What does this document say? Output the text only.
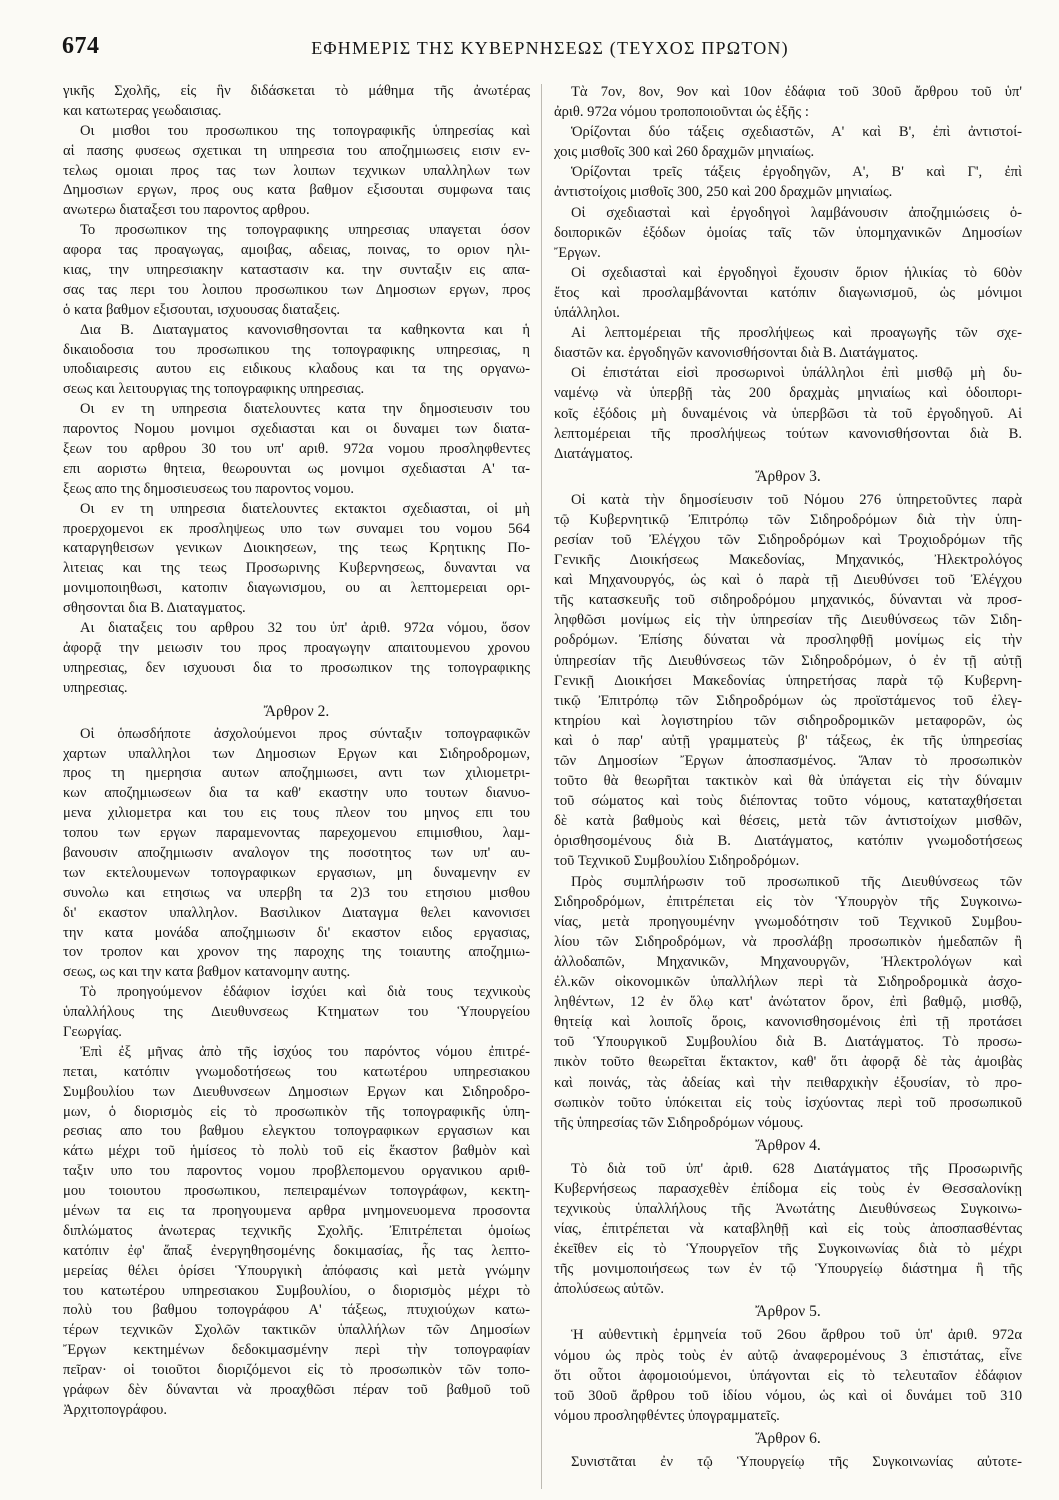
674	ΕΦΗΜΕΡΙΣ ΤΗΣ ΚΥΒΕΡΝΗΣΕΩΣ (ΤΕΥΧΟΣ ΠΡΩΤΟΝ)
γικῆς Σχολῆς, εἰς ἣν διδάσκεται τὸ μάθημα τῆς ἀνωτέρας
και κατωτερας γεωδαισιας.
Οι μισθοι του προσωπικου της τοπογραφικῆς ὑπηρεσίας καὶ
αἱ πασης φυσεως σχετικαι τη υπηρεσια του αποζημιωσεις εισιν εν-
τελως ομοιαι προς τας των λοιπων τεχνικων υπαλληλων των
Δημοσιων εργων, προς ους κατα βαθμον εξισουται συμφωνα ταις
ανωτερω διαταξεσι του παροντος αρθρου.
Το προσωπικον της τοπογραφικης υπηρεσιας υπαγεται όσον
αφορα τας προαγωγας, αμοιβας, αδειας, ποινας, το οριον ηλι-
κιας, την υπηρεσιακην καταστασιν κα. την συνταξιν εις απα-
σας τας περι του λοιπου προσωπικου των Δημοσιων εργων, προς
ὁ κατα βαθμον εξισουται, ισχυουσας διαταξεις.
Δια Β. Διαταγματος κανονισθησονται τα καθηκοντα και ἡ
δικαιοδοσια του προσωπικου της τοπογραφικης υπηρεσιας, η
υποδιαιρεσις αυτου εις ειδικους κλαδους και τα της οργανω-
σεως και λειτουργιας της τοπογραφικης υπηρεσιας.
Οι εν τη υπηρεσια διατελουντες κατα την δημοσιευσιν του
παροντος Νομου μονιμοι σχεδιασται και οι δυναμει των διατα-
ξεων του αρθρου 30 του υπ' αριθ. 972α νομου προσληφθεντες
επι αοριστω θητεια, θεωρουνται ως μονιμοι σχεδιασται Α' τα-
ξεως απο της δημοσιευσεως του παροντος νομου.
Οι εν τη υπηρεσια διατελουντες εκτακτοι σχεδιασται, οἱ μὴ
προερχομενοι εκ προσληψεως υπο των συναμει του νομου 564
καταργηθεισων γενικων Διοικησεων, της τεως Κρητικης Πο-
λιτειας και της τεως Προσωρινης Κυβερνησεως, δυνανται να
μονιμοποιηθωσι, κατοπιν διαγωνισμου, ου αι λεπτομερειαι ορι-
σθησονται δια Β. Διαταγματος.
Αι διαταξεις του αρθρου 32 του ὑπ' ἀριθ. 972α νόμου, ὅσον
ἀφορᾷ την μειωσιν του προς προαγωγην απαιτουμενου χρονου
υπηρεσιας, δεν ισχυουσι δια το προσωπικον της τοπογραφικης
υπηρεσιας.
Ἄρθρον 2.
Οἱ ὁπωσδήποτε ἀσχολούμενοι προς σύνταξιν τοπογραφικῶν
χαρτων υπαλληλοι των Δημοσιων Εργων και Σιδηροδρομων,
προς τη ημερησια αυτων αποζημιωσει, αντι των χιλιομετρι-
κων αποζημιωσεων δια τα καθ' εκαστην υπο τουτων διανυο-
μενα χιλιομετρα και του εις τους πλεον του μηνος επι του
τοπου των εργων παραμενοντας παρεχομενου επιμισθιου, λαμ-
βανουσιν αποζημιωσιν αναλογον της ποσοτητος των υπ' αυ-
των εκτελουμενων τοπογραφικων εργασιων, μη δυναμενην εν
συνολω και ετησιως να υπερβη τα 2)3 του ετησιου μισθου
δι' εκαστον υπαλληλον. Βασιλικον Διαταγμα θελει κανονισει
την κατα μονάδα αποζημιωσιν δι' εκαστον ειδος εργασιας,
τον τροπον και χρονον της παροχης της τοιαυτης αποζημιω-
σεως, ως και την κατα βαθμον κατανομην αυτης.
Τὸ προηγούμενον ἐδάφιον ἰσχύει καὶ διὰ τους τεχνικοὺς
ὑπαλλήλους της Διευθυνσεως Κτηματων του Ὑπουργείου
Γεωργίας.
Ἐπὶ ἐξ μῆνας ἀπὸ τῆς ἰσχύος του παρόντος νόμου ἐπιτρέ-
πεται, κατόπιν γνωμοδοτήσεως του κατωτέρου υπηρεσιακου
Συμβουλίου των Διευθυνσεων Δημοσιων Εργων και Σιδηροδρο-
μων, ὁ διορισμὸς εἰς τὸ προσωπικὸν τῆς τοπογραφικῆς ὑπη-
ρεσιας απο του βαθμου ελεγκτου τοπογραφικων εργασιων και
κάτω μέχρι τοῦ ἡμίσεος τὸ πολὺ τοῦ εἰς ἕκαστον βαθμὸν καὶ
ταξιν υπο του παροντος νομου προβλεπομενου οργανικου αριθ-
μου τοιουτου προσωπικου, πεπειραμένων τοπογράφων, κεκτη-
μένων τα εις τα προηγουμενα αρθρα μνημονευομενα προσοντα
διπλώματος ἀνωτερας τεχνικῆς Σχολῆς. Ἐπιτρέπεται ὁμοίως
κατόπιν ἐφ' ἅπαξ ἐνεργηθησομένης δοκιμασίας, ἧς τας λεπτο-
μερείας θέλει ὁρίσει Ὑπουργικὴ ἀπόφασις καὶ μετὰ γνώμην
του κατωτέρου υπηρεσιακου Συμβουλίου, ο διορισμὸς μέχρι τὸ
πολὺ του βαθμου τοπογράφου Α' τάξεως, πτυχιούχων κατω-
τέρων τεχνικῶν Σχολῶν τακτικῶν ὑπαλλήλων τῶν Δημοσίων
Ἔργων κεκτημένων δεδοκιμασμένην περὶ τὴν τοπογραφίαν
πεῖραν· οἱ τοιοῦτοι διοριζόμενοι εἰς τὸ προσωπικὸν τῶν τοπο-
γράφων δὲν δύνανται νὰ προαχθῶσι πέραν τοῦ βαθμοῦ τοῦ
Ἀρχιτοπογράφου.
Τὰ 7ον, 8ον, 9ον καὶ 10ον ἐδάφια τοῦ 30οῦ ἄρθρου τοῦ ὑπ'
ἀριθ. 972α νόμου τροποποιοῦνται ὡς ἑξῆς :
Ὁρίζονται δύο τάξεις σχεδιαστῶν, Α' καὶ Β', ἐπὶ ἀντιστοί-
χοις μισθοῖς 300 καὶ 260 δραχμῶν μηνιαίως.
Ὁρίζονται τρεῖς τάξεις ἐργοδηγῶν, Α', Β' καὶ Γ', ἐπὶ
ἀντιστοίχοις μισθοῖς 300, 250 καὶ 200 δραχμῶν μηνιαίως.
Οἱ σχεδιασταὶ καὶ ἐργοδηγοὶ λαμβάνουσιν ἀποζημιώσεις ὁ-
δοιπορικῶν ἐξόδων ὁμοίας ταῖς τῶν ὑπομηχανικῶν Δημοσίων
Ἔργων.
Οἱ σχεδιασταὶ καὶ ἐργοδηγοὶ ἔχουσιν ὅριον ἡλικίας τὸ 60ὸν
ἔτος καὶ προσλαμβάνονται κατόπιν διαγωνισμοῦ, ὡς μόνιμοι
ὑπάλληλοι.
Αἱ λεπτομέρειαι τῆς προσλήψεως καὶ προαγωγῆς τῶν σχε-
διαστῶν κα. ἐργοδηγῶν κανονισθήσονται διὰ Β. Διατάγματος.
Οἱ ἐπιστάται εἰσὶ προσωρινοὶ ὑπάλληλοι ἐπὶ μισθῷ μὴ δυ-
ναμένῳ νὰ ὑπερβῇ τὰς 200 δραχμὰς μηνιαίως καὶ ὁδοιπορι-
κοῖς ἐξόδοις μὴ δυναμένοις νὰ ὑπερβῶσι τὰ τοῦ ἐργοδηγοῦ. Αἱ
λεπτομέρειαι τῆς προσλήψεως τούτων κανονισθήσονται διὰ Β.
Διατάγματος.
Ἄρθρον 3.
Οἱ κατὰ τὴν δημοσίευσιν τοῦ Νόμου 276 ὑπηρετοῦντες παρὰ
τῷ Κυβερνητικῷ Ἐπιτρόπῳ τῶν Σιδηροδρόμων διὰ τὴν ὑπη-
ρεσίαν τοῦ Ἐλέγχου τῶν Σιδηροδρόμων καὶ Τροχιοδρόμων τῆς
Γενικῆς Διοικήσεως Μακεδονίας, Μηχανικός, Ἠλεκτρολόγος
καὶ Μηχανουργός, ὡς καὶ ὁ παρὰ τῇ Διευθύνσει τοῦ Ἐλέγχου
τῆς κατασκευῆς τοῦ σιδηροδρόμου μηχανικός, δύνανται νὰ προσ-
ληφθῶσι μονίμως εἰς τὴν ὑπηρεσίαν τῆς Διευθύνσεως τῶν Σιδη-
ροδρόμων. Ἐπίσης δύναται νὰ προσληφθῇ μονίμως εἰς τὴν
ὑπηρεσίαν τῆς Διευθύνσεως τῶν Σιδηροδρόμων, ὁ ἐν τῇ αὐτῇ
Γενικῇ Διοικήσει Μακεδονίας ὑπηρετήσας παρὰ τῷ Κυβερνη-
τικῷ Ἐπιτρόπῳ τῶν Σιδηροδρόμων ὡς προϊστάμενος τοῦ ἐλεγ-
κτηρίου καὶ λογιστηρίου τῶν σιδηροδρομικῶν μεταφορῶν, ὡς
καὶ ὁ παρ' αὐτῇ γραμματεὺς β' τάξεως, ἐκ τῆς ὑπηρεσίας
τῶν Δημοσίων Ἔργων ἀποσπασμένος. Ἅπαν τὸ προσωπικὸν
τοῦτο θὰ θεωρῆται τακτικὸν καὶ θὰ ὑπάγεται εἰς τὴν δύναμιν
τοῦ σώματος καὶ τοὺς διέποντας τοῦτο νόμους, καταταχθήσεται
δὲ κατὰ βαθμοὺς καὶ θέσεις, μετὰ τῶν ἀντιστοίχων μισθῶν,
ὁρισθησομένους διὰ Β. Διατάγματος, κατόπιν γνωμοδοτήσεως
τοῦ Τεχνικοῦ Συμβουλίου Σιδηροδρόμων.
Πρὸς συμπλήρωσιν τοῦ προσωπικοῦ τῆς Διευθύνσεως τῶν
Σιδηροδρόμων, ἐπιτρέπεται εἰς τὸν Ὑπουργὸν τῆς Συγκοινω-
νίας, μετὰ προηγουμένην γνωμοδότησιν τοῦ Τεχνικοῦ Συμβου-
λίου τῶν Σιδηροδρόμων, νὰ προσλάβῃ προσωπικὸν ἡμεδαπῶν ἢ
ἀλλοδαπῶν, Μηχανικῶν, Μηχανουργῶν, Ἠλεκτρολόγων καὶ
ἐλ.κῶν οἰκονομικῶν ὑπαλλήλων περὶ τὰ Σιδηροδρομικὰ ἀσχο-
ληθέντων, 12 ἐν ὅλῳ κατ' ἀνώτατον ὅρον, ἐπὶ βαθμῷ, μισθῷ,
θητείᾳ καὶ λοιποῖς ὅροις, κανονισθησομένοις ἐπὶ τῇ προτάσει
τοῦ Ὑπουργικοῦ Συμβουλίου διὰ Β. Διατάγματος. Τὸ προσω-
πικὸν τοῦτο θεωρεῖται ἔκτακτον, καθ' ὅτι ἀφορᾷ δὲ τὰς ἀμοιβὰς
καὶ ποινάς, τὰς ἀδείας καὶ τὴν πειθαρχικὴν ἐξουσίαν, τὸ προ-
σωπικὸν τοῦτο ὑπόκειται εἰς τοὺς ἰσχύοντας περὶ τοῦ προσωπικοῦ
τῆς ὑπηρεσίας τῶν Σιδηροδρόμων νόμους.
Ἄρθρον 4.
Τὸ διὰ τοῦ ὑπ' ἀριθ. 628 Διατάγματος τῆς Προσωρινῆς
Κυβερνήσεως παρασχεθὲν ἐπίδομα εἰς τοὺς ἐν Θεσσαλονίκῃ
τεχνικοὺς ὑπαλλήλους τῆς Ἀνωτάτης Διευθύνσεως Συγκοινω-
νίας, ἐπιτρέπεται νὰ καταβληθῇ καὶ εἰς τοὺς ἀποσπασθέντας
ἐκεῖθεν εἰς τὸ Ὑπουργεῖον τῆς Συγκοινωνίας διὰ τὸ μέχρι
τῆς μονιμοποιήσεως των ἐν τῷ Ὑπουργείῳ διάστημα ἢ τῆς
ἀπολύσεως αὐτῶν.
Ἄρθρον 5.
Ἡ αὐθεντικὴ ἑρμηνεία τοῦ 26ου ἄρθρου τοῦ ὑπ' ἀριθ. 972α
νόμου ὡς πρὸς τοὺς ἐν αὐτῷ ἀναφερομένους 3 ἐπιστάτας, εἶνε
ὅτι οὗτοι ἀφομοιούμενοι, ὑπάγονται εἰς τὸ τελευταῖον ἐδάφιον
τοῦ 30οῦ ἄρθρου τοῦ ἰδίου νόμου, ὡς καὶ οἱ δυνάμει τοῦ 310
νόμου προσληφθέντες ὑπογραμματεῖς.
Ἄρθρον 6.
Συνιστᾶται ἐν τῷ Ὑπουργείῳ τῆς Συγκοινωνίας αὐτοτε-
